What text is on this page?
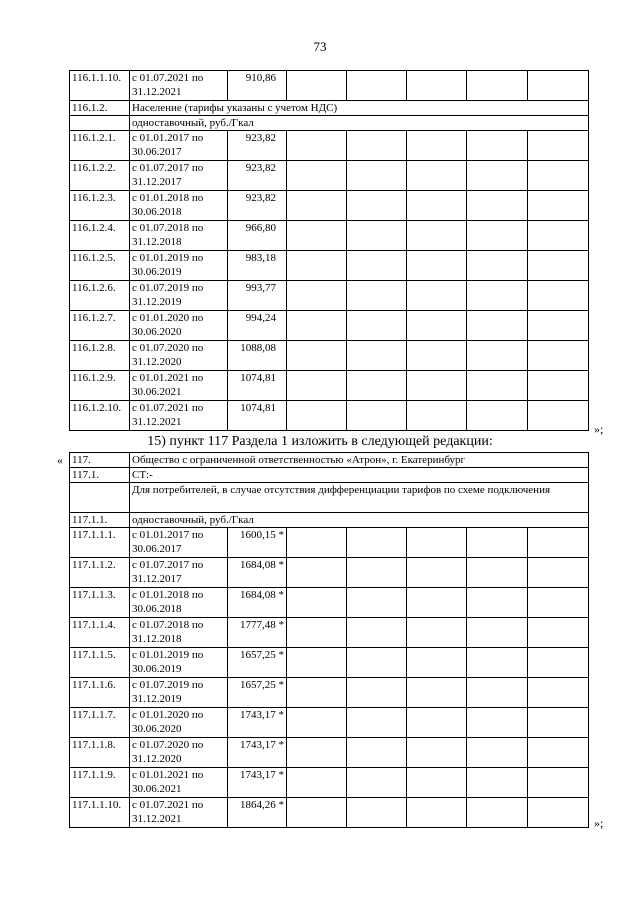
73
116.1.1.10.	с 01.07.2021 по 31.12.2021	910,86					
116.1.2.	Население (тарифы указаны с учетом НДС)						
	одноставочный, руб./Гкал						
116.1.2.1.	с 01.01.2017 по 30.06.2017	923,82					
116.1.2.2.	с 01.07.2017 по 31.12.2017	923,82					
116.1.2.3.	с 01.01.2018 по 30.06.2018	923,82					
116.1.2.4.	с 01.07.2018 по 31.12.2018	966,80					
116.1.2.5.	с 01.01.2019 по 30.06.2019	983,18					
116.1.2.6.	с 01.07.2019 по 31.12.2019	993,77					
116.1.2.7.	с 01.01.2020 по 30.06.2020	994,24					
116.1.2.8.	с 01.07.2020 по 31.12.2020	1088,08					
116.1.2.9.	с 01.01.2021 по 30.06.2021	1074,81					
116.1.2.10.	с 01.07.2021 по 31.12.2021	1074,81					
»;
15) пункт 117 Раздела 1 изложить в следующей редакции:
« 117.	Общество с ограниченной ответственностью «Атрон», г. Екатеринбург						
117.1.	СТ:-						
	Для потребителей, в случае отсутствия дифференциации тарифов по схеме подключения						
117.1.1.	одноставочный, руб./Гкал						
117.1.1.1.	с 01.01.2017 по 30.06.2017	1600,15 *					
117.1.1.2.	с 01.07.2017 по 31.12.2017	1684,08 *					
117.1.1.3.	с 01.01.2018 по 30.06.2018	1684,08 *					
117.1.1.4.	с 01.07.2018 по 31.12.2018	1777,48 *					
117.1.1.5.	с 01.01.2019 по 30.06.2019	1657,25 *					
117.1.1.6.	с 01.07.2019 по 31.12.2019	1657,25 *					
117.1.1.7.	с 01.01.2020 по 30.06.2020	1743,17 *					
117.1.1.8.	с 01.07.2020 по 31.12.2020	1743,17 *					
117.1.1.9.	с 01.01.2021 по 30.06.2021	1743,17 *					
117.1.1.10.	с 01.07.2021 по 31.12.2021	1864,26 *					
»;
